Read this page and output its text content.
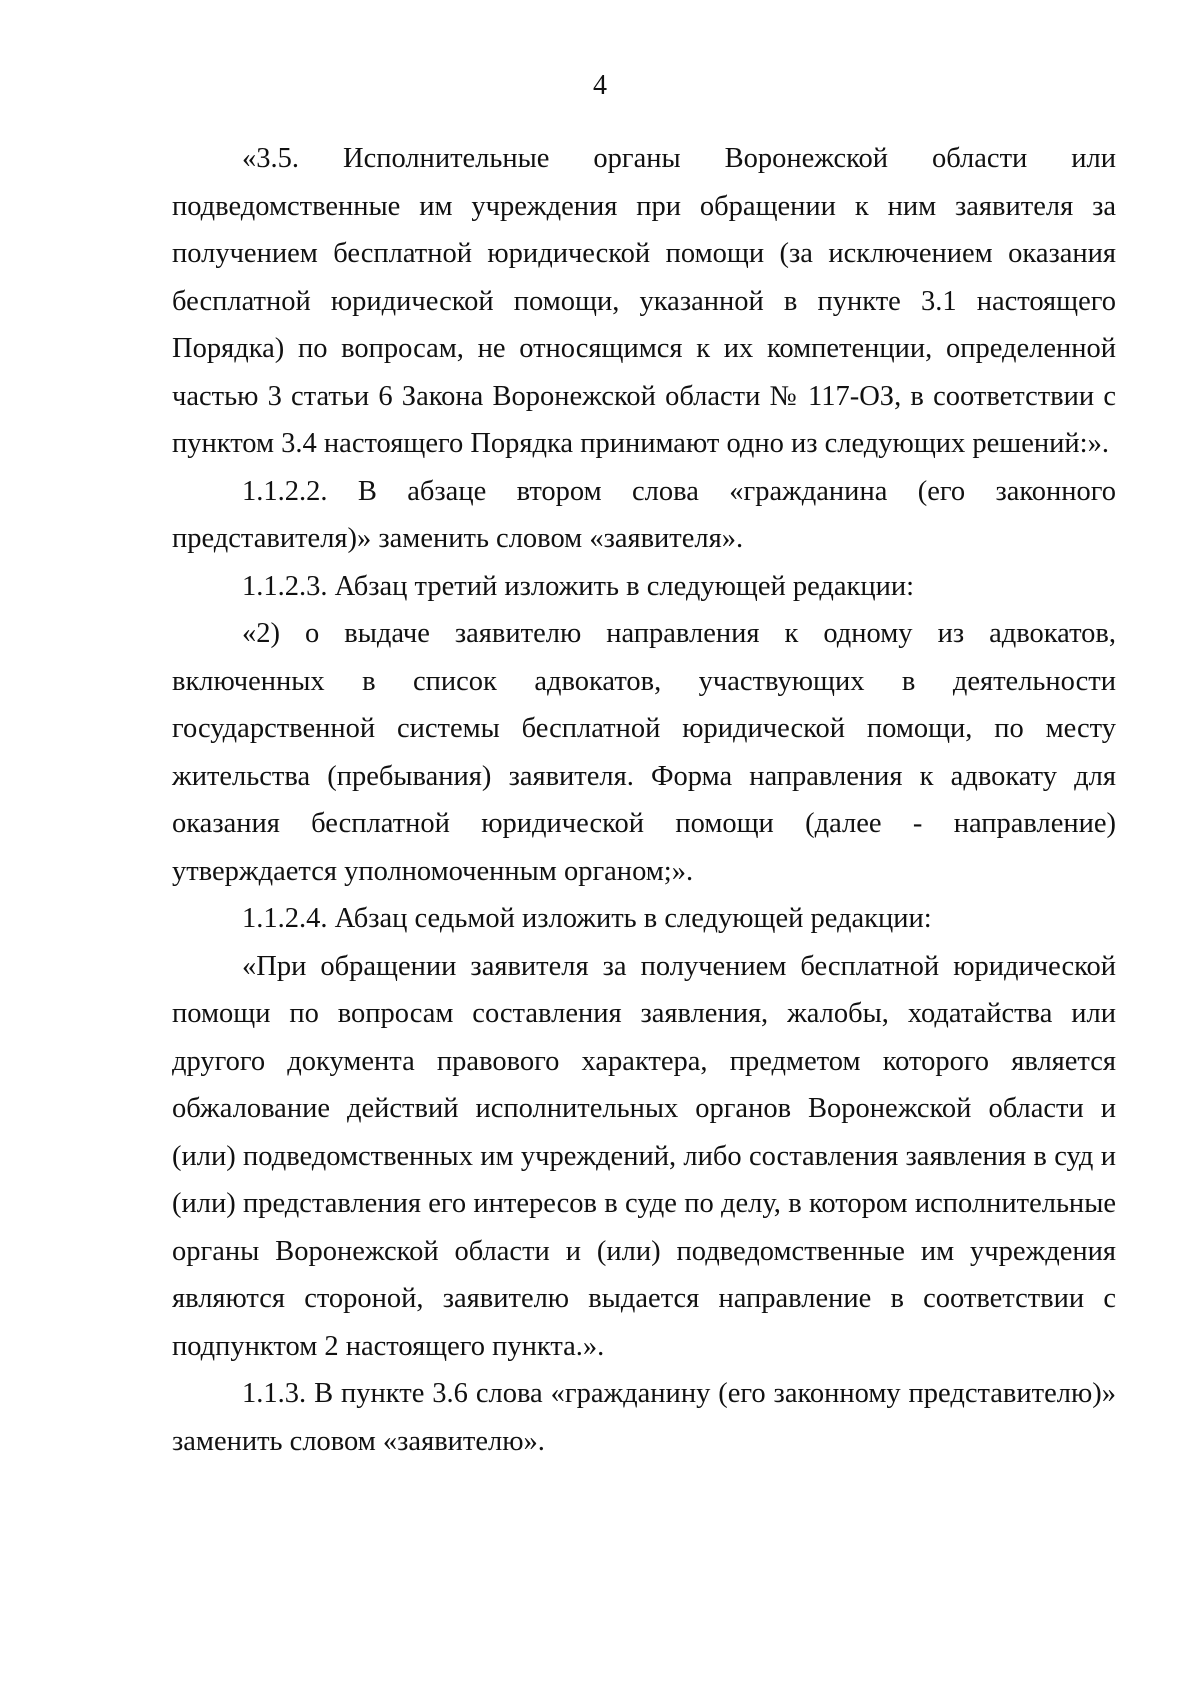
4

«3.5. Исполнительные органы Воронежской области или подведомственные им учреждения при обращении к ним заявителя за получением бесплатной юридической помощи (за исключением оказания бесплатной юридической помощи, указанной в пункте 3.1 настоящего Порядка) по вопросам, не относящимся к их компетенции, определенной частью 3 статьи 6 Закона Воронежской области № 117-ОЗ, в соответствии с пунктом 3.4 настоящего Порядка принимают одно из следующих решений:».

1.1.2.2. В абзаце втором слова «гражданина (его законного представителя)» заменить словом «заявителя».

1.1.2.3. Абзац третий изложить в следующей редакции:

«2) о выдаче заявителю направления к одному из адвокатов, включенных в список адвокатов, участвующих в деятельности государственной системы бесплатной юридической помощи, по месту жительства (пребывания) заявителя. Форма направления к адвокату для оказания бесплатной юридической помощи (далее - направление) утверждается уполномоченным органом;».

1.1.2.4. Абзац седьмой изложить в следующей редакции:

«При обращении заявителя за получением бесплатной юридической помощи по вопросам составления заявления, жалобы, ходатайства или другого документа правового характера, предметом которого является обжалование действий исполнительных органов Воронежской области и (или) подведомственных им учреждений, либо составления заявления в суд и (или) представления его интересов в суде по делу, в котором исполнительные органы Воронежской области и (или) подведомственные им учреждения являются стороной, заявителю выдается направление в соответствии с подпунктом 2 настоящего пункта.».

1.1.3. В пункте 3.6 слова «гражданину (его законному представителю)» заменить словом «заявителю».
